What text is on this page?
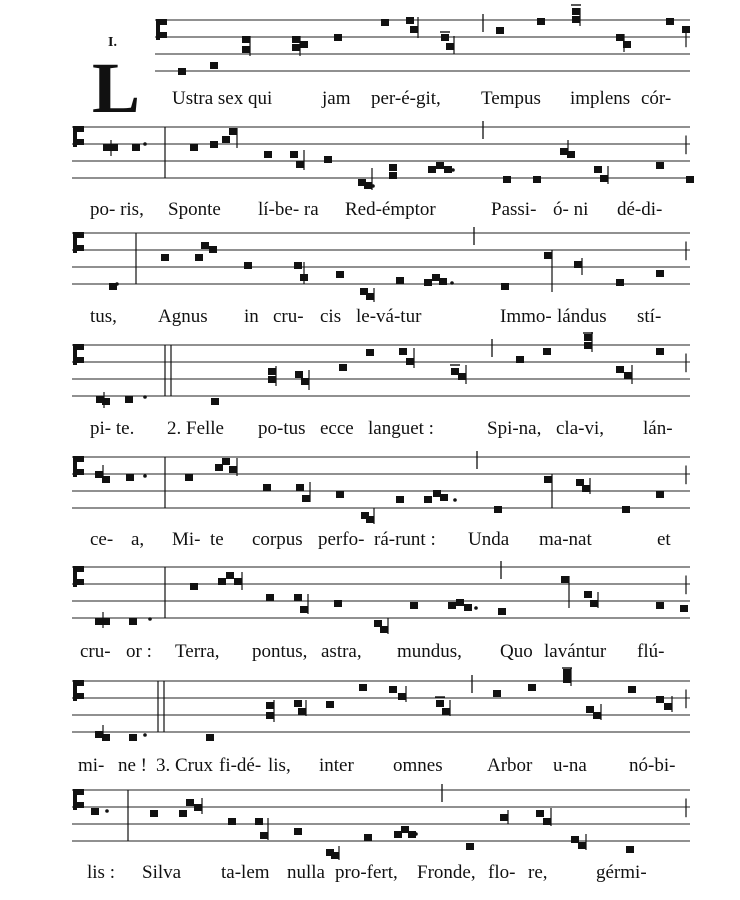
I.
L Ustra sex qui	jam per-é-git, Tempus implens cór-
po- ris, Sponte lí-be- ra Red-émptor	Passi- ó- ni dé-di-
tus, Agnus in cru- cis le-vá-tur	Immo- lándus stí-
pi- te. 2. Felle po-tus ecce languet :	Spi-na, cla-vi, lán-
ce- a, Mi- te corpus perfo- rá-runt : Unda ma-nat	et
cru- or : Terra, pontus, astra, mundus, Quo lavántur flú-
mi- ne ! 3. Crux fi-dé- lis, inter omnes Arbor u-na nó-bi-
lis : Silva ta-lem nulla pro-fert, Fronde, flo- re,	gérmi-
